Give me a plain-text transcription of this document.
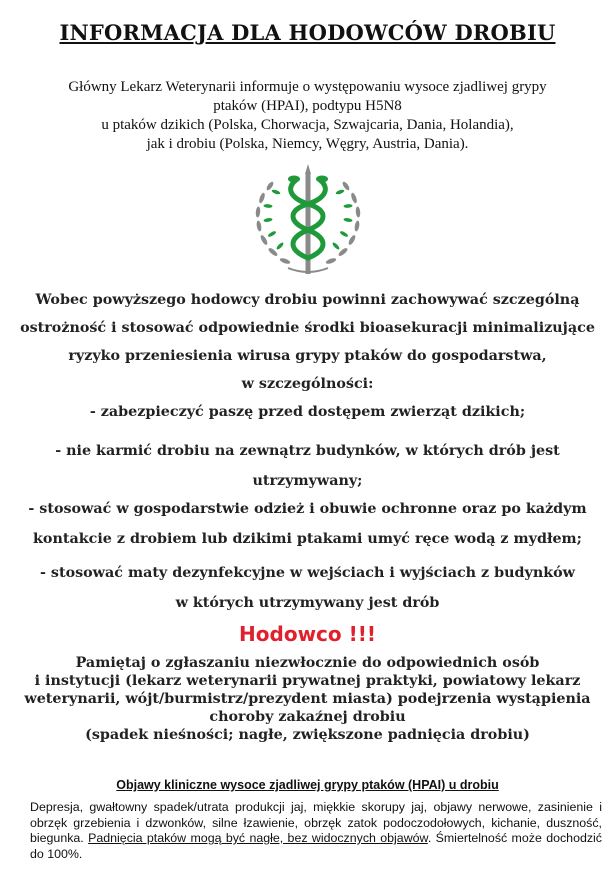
INFORMACJA DLA HODOWCÓW DROBIU
Główny Lekarz Weterynarii informuje o występowaniu wysoce zjadliwej grypy
ptaków (HPAI), podtypu H5N8
u ptaków dzikich (Polska, Chorwacja, Szwajcaria, Dania, Holandia),
jak i drobiu (Polska, Niemcy, Węgry, Austria, Dania).
Wobec powyższego hodowcy drobiu powinni zachowywać szczególną
ostrożność i stosować odpowiednie środki bioasekuracji minimalizujące
ryzyko przeniesienia wirusa grypy ptaków do gospodarstwa,
w szczególności:
- zabezpieczyć paszę przed dostępem zwierząt dzikich;
- nie karmić drobiu na zewnątrz budynków, w których drób jest
utrzymywany;
- stosować w gospodarstwie odzież i obuwie ochronne oraz po każdym
kontakcie z drobiem lub dzikimi ptakami umyć ręce wodą z mydłem;
- stosować maty dezynfekcyjne w wejściach i wyjściach z budynków
w których utrzymywany jest drób
Hodowco !!!
Pamiętaj o zgłaszaniu niezwłocznie do odpowiednich osób
i instytucji (lekarz weterynarii prywatnej praktyki, powiatowy lekarz
weterynarii, wójt/burmistrz/prezydent miasta) podejrzenia wystąpienia
choroby zakaźnej drobiu
(spadek nieśności; nagłe, zwiększone padnięcia drobiu)
Objawy kliniczne wysoce zjadliwej grypy ptaków (HPAI) u drobiu
Depresja, gwałtowny spadek/utrata produkcji jaj, miękkie skorupy jaj, objawy nerwowe, zasinienie i obrzęk grzebienia i dzwonków, silne łzawienie, obrzęk zatok podoczodołowych, kichanie, duszność, biegunka. Padnięcia ptaków mogą być nagłe, bez widocznych objawów. Śmiertelność może dochodzić do 100%.
